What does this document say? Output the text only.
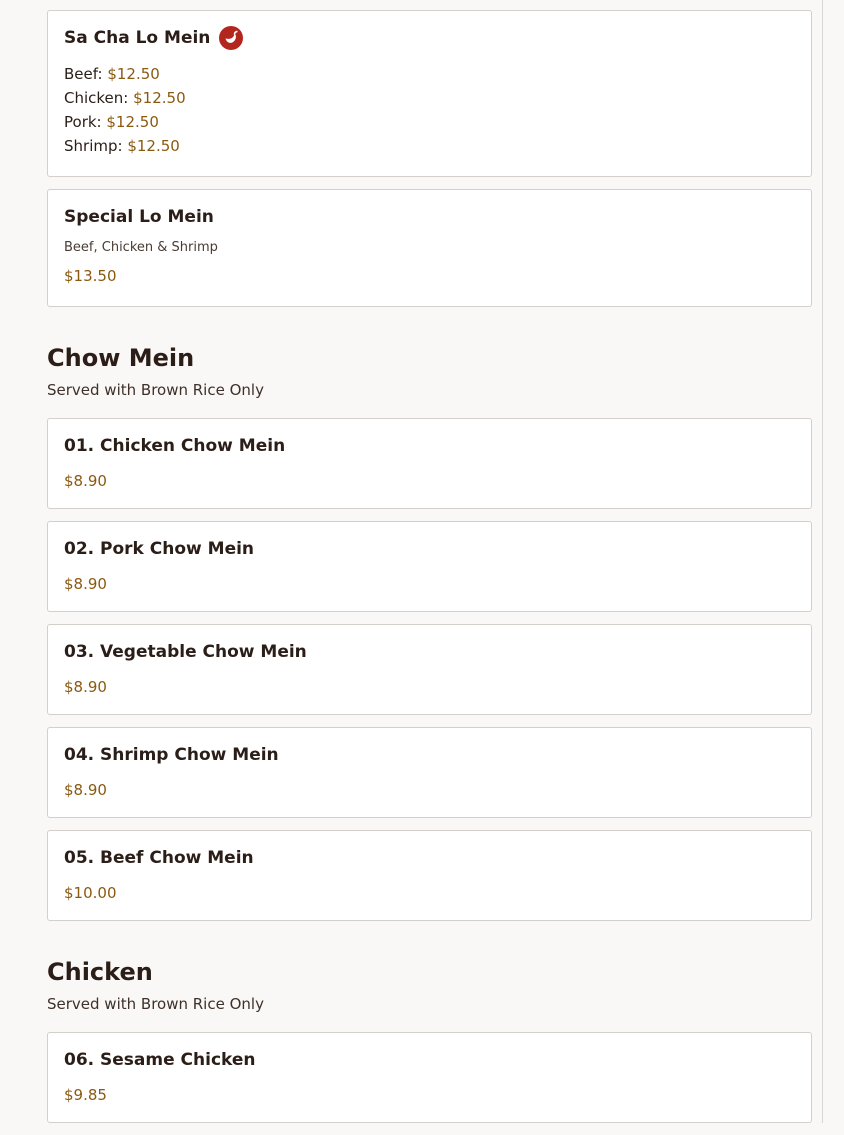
Sa Cha Lo Mein
Beef: $12.50
Chicken: $12.50
Pork: $12.50
Shrimp: $12.50
Special Lo Mein
Beef, Chicken & Shrimp
$13.50
Chow Mein
Served with Brown Rice Only
01. Chicken Chow Mein
$8.90
02. Pork Chow Mein
$8.90
03. Vegetable Chow Mein
$8.90
04. Shrimp Chow Mein
$8.90
05. Beef Chow Mein
$10.00
Chicken
Served with Brown Rice Only
06. Sesame Chicken
$9.85
